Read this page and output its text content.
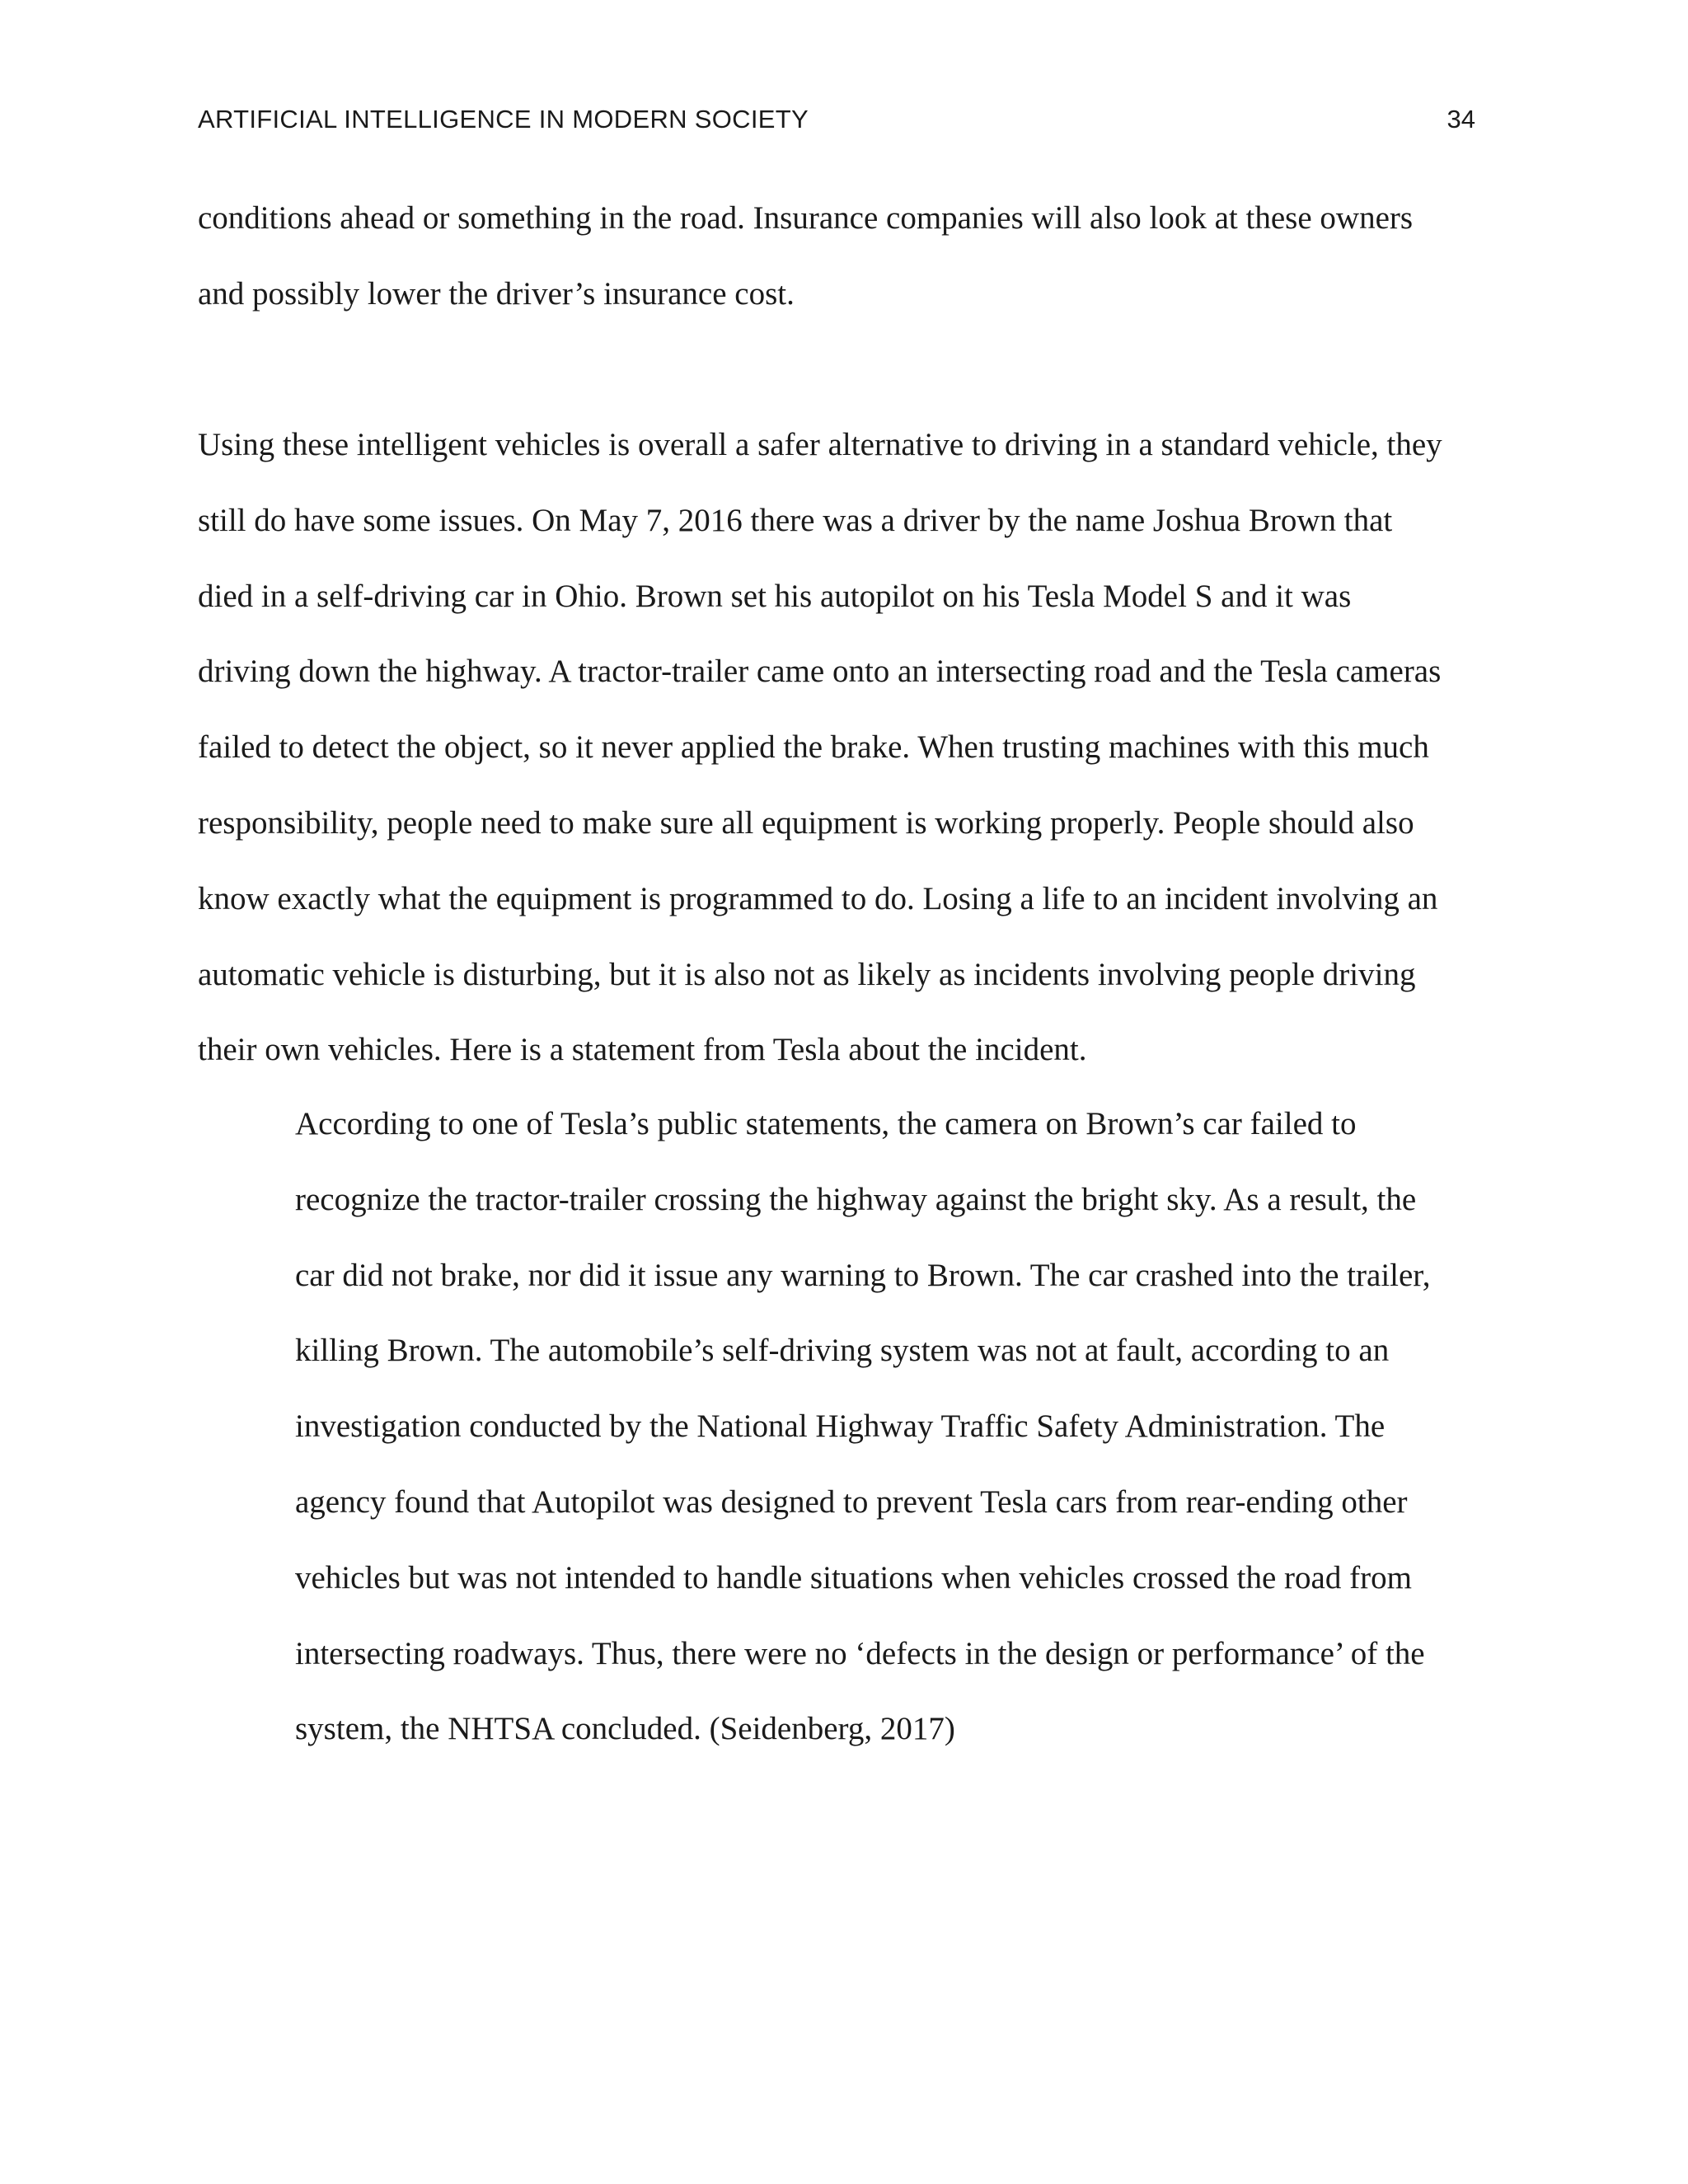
ARTIFICIAL INTELLIGENCE IN MODERN SOCIETY	34

conditions ahead or something in the road. Insurance companies will also look at these owners
and possibly lower the driver’s insurance cost.

Using these intelligent vehicles is overall a safer alternative to driving in a standard vehicle, they
still do have some issues. On May 7, 2016 there was a driver by the name Joshua Brown that
died in a self-driving car in Ohio. Brown set his autopilot on his Tesla Model S and it was
driving down the highway. A tractor-trailer came onto an intersecting road and the Tesla cameras
failed to detect the object, so it never applied the brake. When trusting machines with this much
responsibility, people need to make sure all equipment is working properly. People should also
know exactly what the equipment is programmed to do. Losing a life to an incident involving an
automatic vehicle is disturbing, but it is also not as likely as incidents involving people driving
their own vehicles. Here is a statement from Tesla about the incident.

According to one of Tesla’s public statements, the camera on Brown’s car failed to
recognize the tractor-trailer crossing the highway against the bright sky. As a result, the
car did not brake, nor did it issue any warning to Brown. The car crashed into the trailer,
killing Brown. The automobile’s self-driving system was not at fault, according to an
investigation conducted by the National Highway Traffic Safety Administration. The
agency found that Autopilot was designed to prevent Tesla cars from rear-ending other
vehicles but was not intended to handle situations when vehicles crossed the road from
intersecting roadways. Thus, there were no ‘defects in the design or performance’ of the
system, the NHTSA concluded. (Seidenberg, 2017)
